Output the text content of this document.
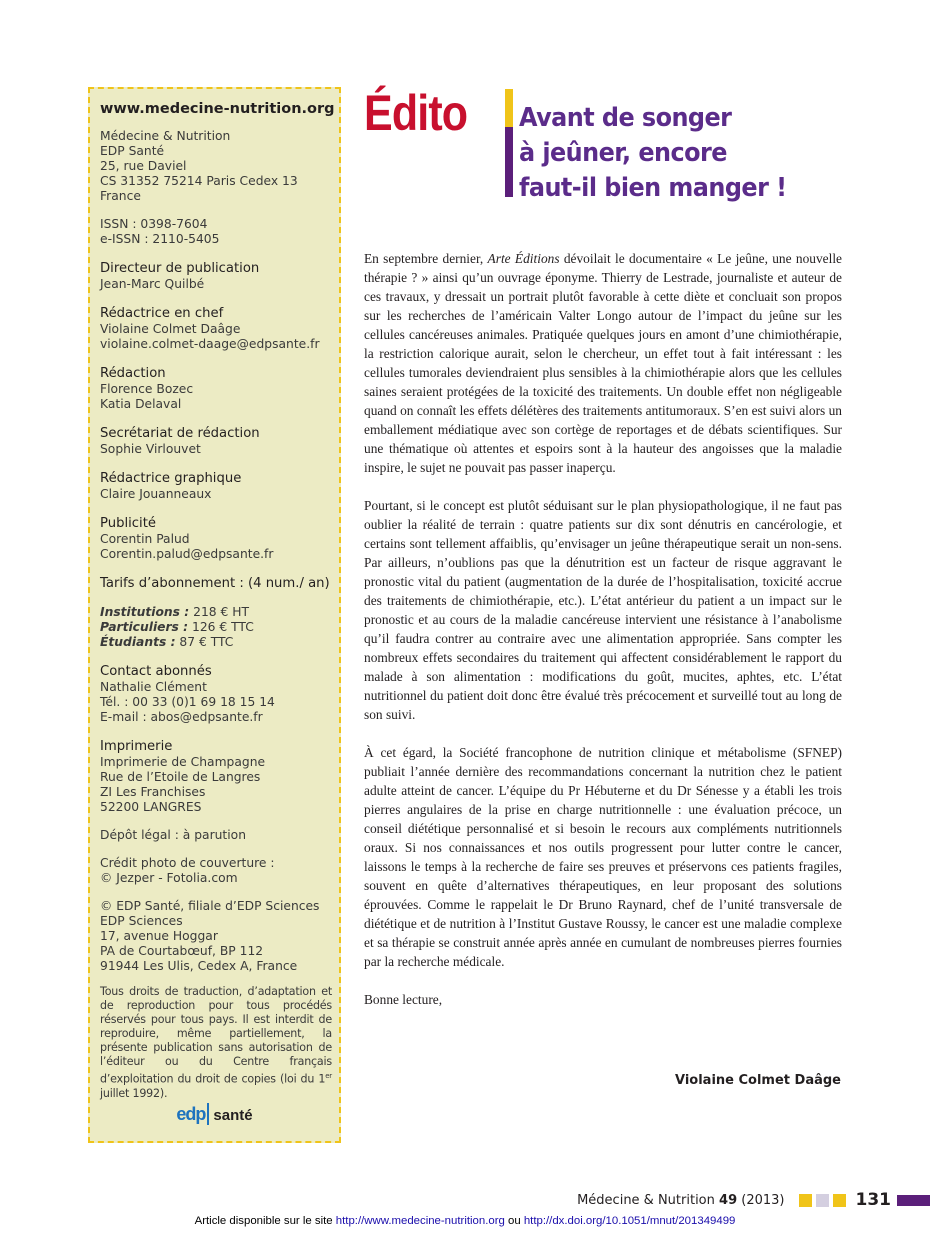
www.medecine-nutrition.org
Médecine & Nutrition
EDP Santé
25, rue Daviel
CS 31352 75214 Paris Cedex 13 France
ISSN : 0398-7604
e-ISSN : 2110-5405
Directeur de publication
Jean-Marc Quilbé
Rédactrice en chef
Violaine Colmet Daâge
violaine.colmet-daage@edpsante.fr
Rédaction
Florence Bozec
Katia Delaval
Secrétariat de rédaction
Sophie Virlouvet
Rédactrice graphique
Claire Jouanneaux
Publicité
Corentin Palud
Corentin.palud@edpsante.fr
Tarifs d’abonnement : (4 num./ an)
Institutions : 218 € HT
Particuliers : 126 € TTC
Étudiants : 87 € TTC
Contact abonnés
Nathalie Clément
Tél. : 00 33 (0)1 69 18 15 14
E-mail : abos@edpsante.fr
Imprimerie
Imprimerie de Champagne
Rue de l’Etoile de Langres
ZI Les Franchises
52200 LANGRES
Dépôt légal : à parution
Crédit photo de couverture :
© Jezper - Fotolia.com
© EDP Santé, filiale d’EDP Sciences
EDP Sciences
17, avenue Hoggar
PA de Courtabœuf, BP 112
91944 Les Ulis, Cedex A, France
Tous droits de traduction, d’adaptation et de reproduction pour tous procédés réservés pour tous pays. Il est interdit de reproduire, même partiellement, la présente publication sans autorisation de l’éditeur ou du Centre français d’exploitation du droit de copies (loi du 1er juillet 1992).
edp santé
Édito Avant de songer
à jeûner, encore
faut-il bien manger !

En septembre dernier, Arte Éditions dévoilait le documentaire « Le jeûne, une nouvelle thérapie ? » ainsi qu’un ouvrage éponyme. Thierry de Lestrade, journaliste et auteur de ces travaux, y dressait un portrait plutôt favorable à cette diète et concluait son propos sur les recherches de l’américain Valter Longo autour de l’impact du jeûne sur les cellules cancéreuses animales. Pratiquée quelques jours en amont d’une chimiothérapie, la restriction calorique aurait, selon le chercheur, un effet tout à fait intéressant : les cellules tumorales deviendraient plus sensibles à la chimiothérapie alors que les cellules saines seraient protégées de la toxicité des traitements. Un double effet non négligeable quand on connaît les effets délétères des traitements antitumoraux. S’en est suivi alors un emballement médiatique avec son cortège de reportages et de débats scientifiques. Sur une thématique où attentes et espoirs sont à la hauteur des angoisses que la maladie inspire, le sujet ne pouvait pas passer inaperçu.

Pourtant, si le concept est plutôt séduisant sur le plan physiopathologique, il ne faut pas oublier la réalité de terrain : quatre patients sur dix sont dénutris en cancérologie, et certains sont tellement affaiblis, qu’envisager un jeûne thérapeutique serait un non-sens. Par ailleurs, n’oublions pas que la dénutrition est un facteur de risque aggravant le pronostic vital du patient (augmentation de la durée de l’hospitalisation, toxicité accrue des traitements de chimiothérapie, etc.). L’état antérieur du patient a un impact sur le pronostic et au cours de la maladie cancéreuse intervient une résistance à l’anabolisme qu’il faudra contrer au contraire avec une alimentation appropriée. Sans compter les nombreux effets secondaires du traitement qui affectent considérablement le rapport du malade à son alimentation : modifications du goût, mucites, aphtes, etc. L’état nutritionnel du patient doit donc être évalué très précocement et surveillé tout au long de son suivi.

À cet égard, la Société francophone de nutrition clinique et métabolisme (SFNEP) publiait l’année dernière des recommandations concernant la nutrition chez le patient adulte atteint de cancer. L’équipe du Pr Hébuterne et du Dr Sénesse y a établi les trois pierres angulaires de la prise en charge nutritionnelle : une évaluation précoce, un conseil diététique personnalisé et si besoin le recours aux compléments nutritionnels oraux. Si nos connaissances et nos outils progressent pour lutter contre le cancer, laissons le temps à la recherche de faire ses preuves et préservons ces patients fragiles, souvent en quête d’alternatives thérapeutiques, en leur proposant des solutions éprouvées. Comme le rappelait le Dr Bruno Raynard, chef de l’unité transversale de diététique et de nutrition à l’Institut Gustave Roussy, le cancer est une maladie complexe et sa thérapie se construit année après année en cumulant de nombreuses pierres fournies par la recherche médicale.

Bonne lecture,

Violaine Colmet Daâge
Médecine & Nutrition 49 (2013)	131
Article disponible sur le site http://www.medecine-nutrition.org ou http://dx.doi.org/10.1051/mnut/201349499
